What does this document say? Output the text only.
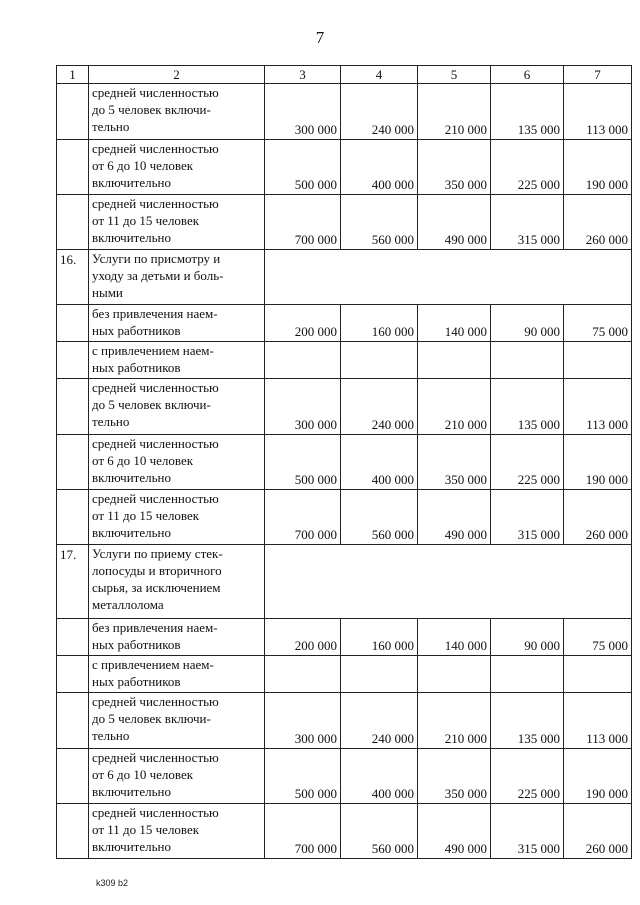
7
1	2	3	4	5	6	7

	средней численностью
до 5 человек включи-
тельно	300 000	240 000	210 000	135 000	113 000

	средней численностью
от 6 до 10 человек
включительно	500 000	400 000	350 000	225 000	190 000

	средней численностью
от 11 до 15 человек
включительно	700 000	560 000	490 000	315 000	260 000
16.	Услуги по присмотру и
уходу за детьми и боль-
ными					

	без привлечения наем-
ных работников	200 000	160 000	140 000	90 000	75 000

	с привлечением наем-
ных работников					

	средней численностью
до 5 человек включи-
тельно	300 000	240 000	210 000	135 000	113 000

	средней численностью
от 6 до 10 человек
включительно	500 000	400 000	350 000	225 000	190 000

	средней численностью
от 11 до 15 человек
включительно	700 000	560 000	490 000	315 000	260 000
17.	Услуги по приему стек-
лопосуды и вторичного
сырья, за исключением
металлолома					

	без привлечения наем-
ных работников	200 000	160 000	140 000	90 000	75 000

	с привлечением наем-
ных работников					

	средней численностью
до 5 человек включи-
тельно	300 000	240 000	210 000	135 000	113 000

	средней численностью
от 6 до 10 человек
включительно	500 000	400 000	350 000	225 000	190 000

	средней численностью
от 11 до 15 человек
включительно	700 000	560 000	490 000	315 000	260 000
k309 b2
